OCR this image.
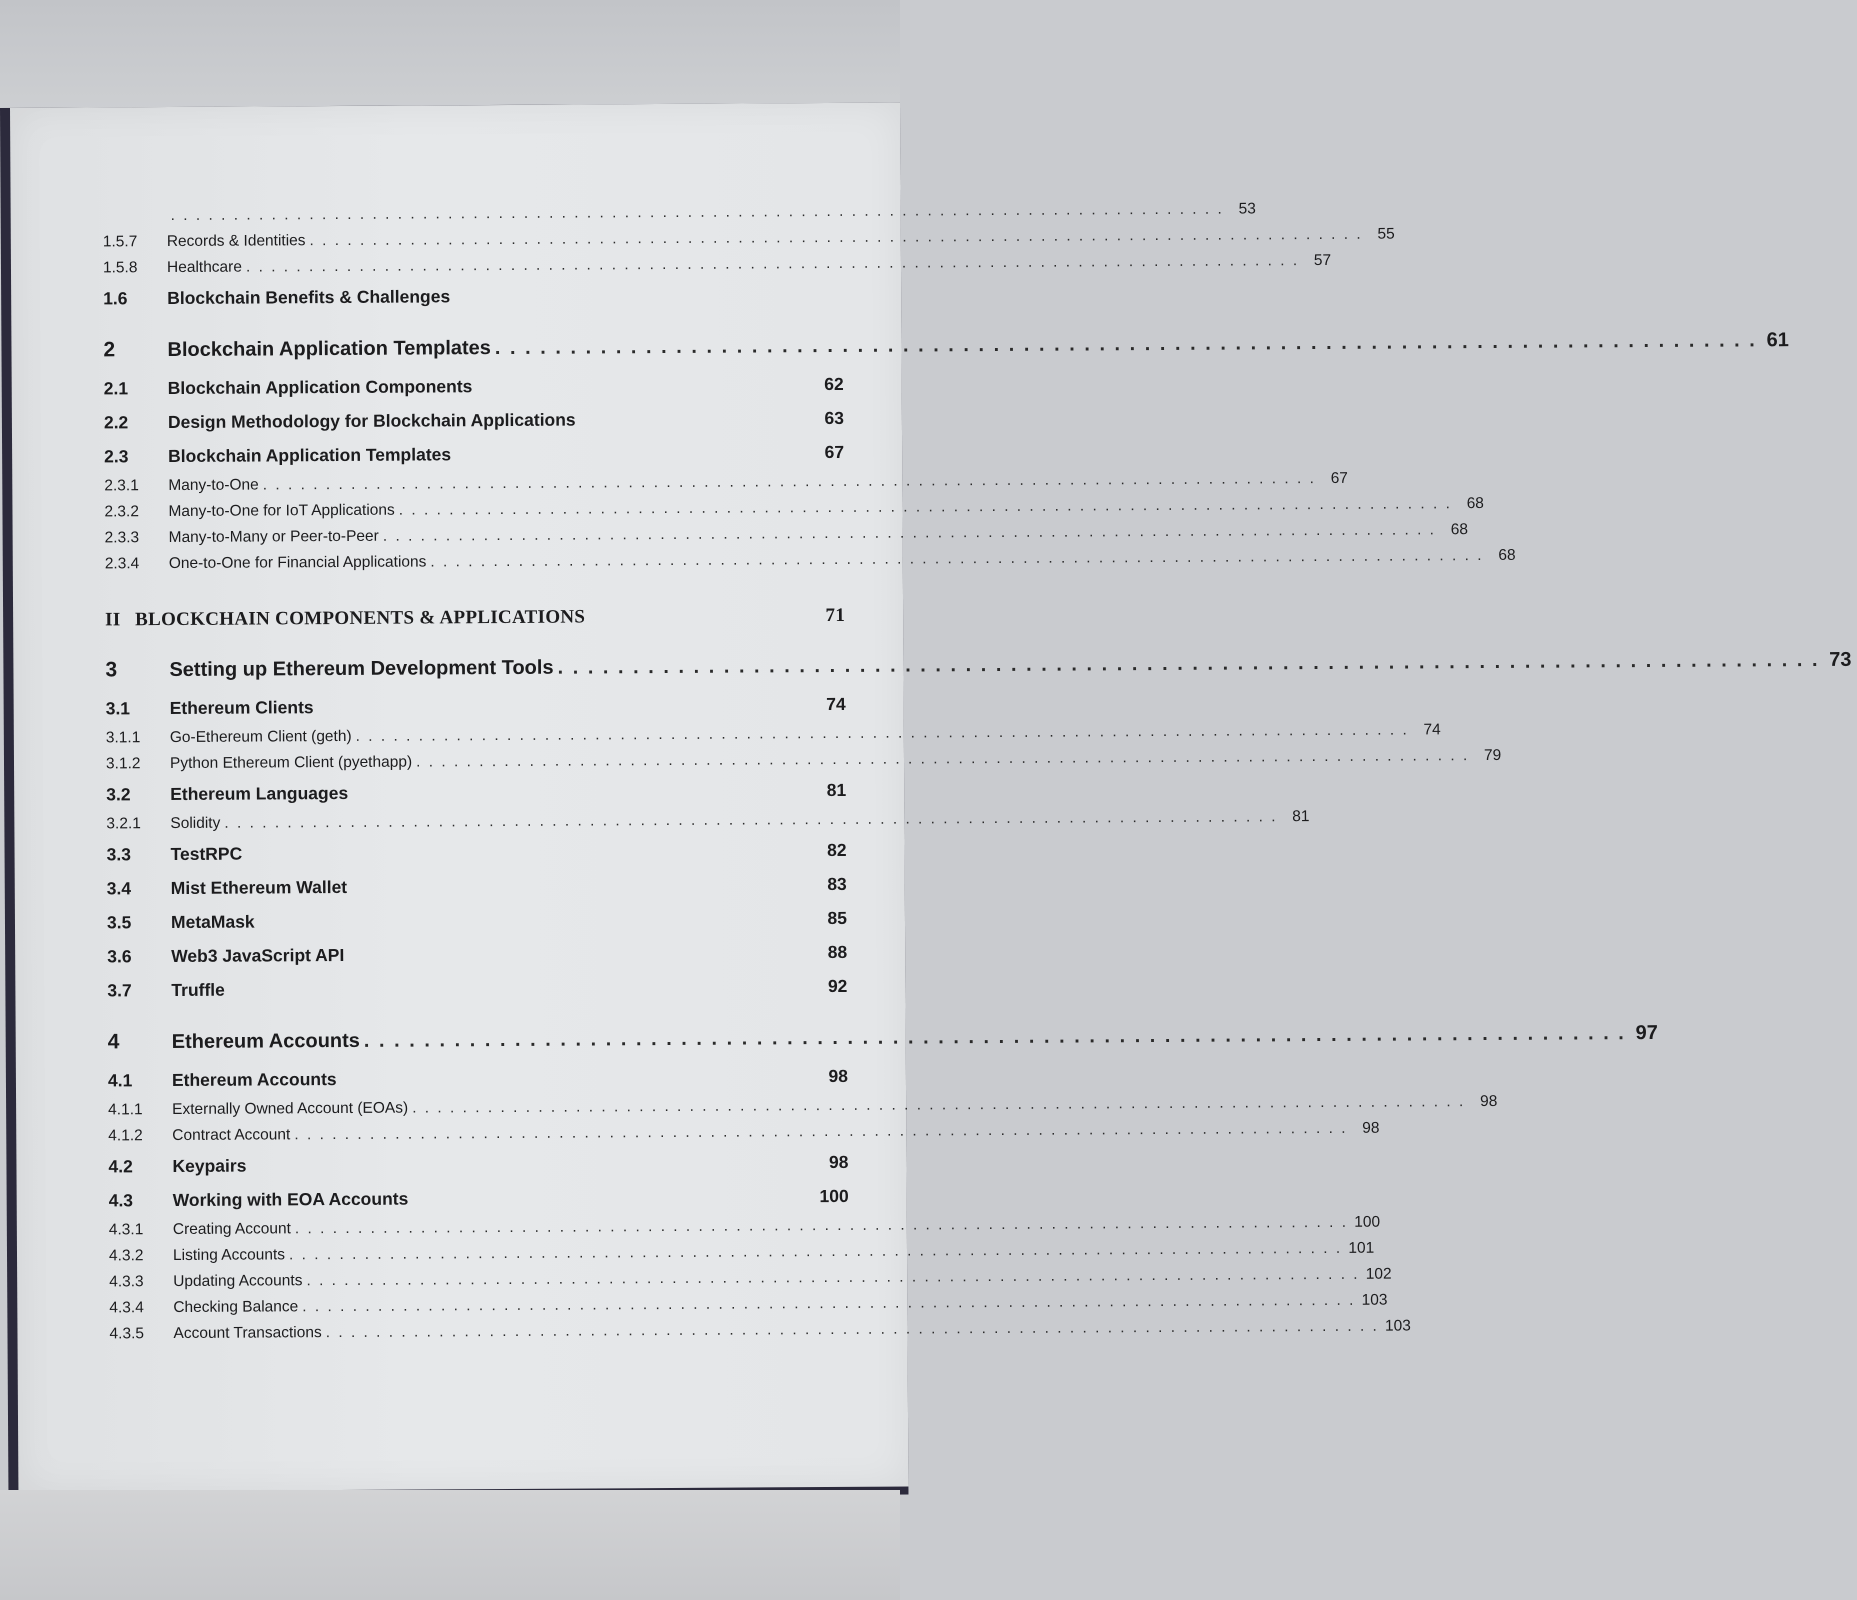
. . . . . . . . . . . . . . . . . . . . . . . . . . . . . . . . . . . . . . . . . . . . . . . . . . . . . . . . . . . . . . . . . . . . . . . . . . . . . . . . . . . . 53
1.5.7	Records & Identities . . . . . . . . . . . . . . . . . . . . . . . . . . . . . . . . . . . . . . . . . . . . . . . . . . . . . . . . . . . . . . . . . . . . . . . . . . . . . . . . . . . . 55
1.5.8	Healthcare . . . . . . . . . . . . . . . . . . . . . . . . . . . . . . . . . . . . . . . . . . . . . . . . . . . . . . . . . . . . . . . . . . . . . . . . . . . . . . . . . . . . 57
1.6	Blockchain Benefits & Challenges
2	Blockchain Application Templates . . . . . . . . . . . . . . . . . . . . . . . . . . . . . . . . . . . . . . . . . . . . . . . . . . . . . . . . . . . . . . . . . . . . . . . . . . . . . . . . . . . . 61
2.1	Blockchain Application Components	62
2.2	Design Methodology for Blockchain Applications	63
2.3	Blockchain Application Templates	67
2.3.1	Many-to-One . . . . . . . . . . . . . . . . . . . . . . . . . . . . . . . . . . . . . . . . . . . . . . . . . . . . . . . . . . . . . . . . . . . . . . . . . . . . . . . . . . . . 67
2.3.2	Many-to-One for IoT Applications . . . . . . . . . . . . . . . . . . . . . . . . . . . . . . . . . . . . . . . . . . . . . . . . . . . . . . . . . . . . . . . . . . . . . . . . . . . . . . . . . . . . 68
2.3.3	Many-to-Many or Peer-to-Peer . . . . . . . . . . . . . . . . . . . . . . . . . . . . . . . . . . . . . . . . . . . . . . . . . . . . . . . . . . . . . . . . . . . . . . . . . . . . . . . . . . . . 68
2.3.4	One-to-One for Financial Applications . . . . . . . . . . . . . . . . . . . . . . . . . . . . . . . . . . . . . . . . . . . . . . . . . . . . . . . . . . . . . . . . . . . . . . . . . . . . . . . . . . . . 68
II BLOCKCHAIN COMPONENTS & APPLICATIONS	71
3	Setting up Ethereum Development Tools . . . . . . . . . . . . . . . . . . . . . . . . . . . . . . . . . . . . . . . . . . . . . . . . . . . . . . . . . . . . . . . . . . . . . . . . . . . . . . . . . . . . 73
3.1	Ethereum Clients	74
3.1.1	Go-Ethereum Client (geth) . . . . . . . . . . . . . . . . . . . . . . . . . . . . . . . . . . . . . . . . . . . . . . . . . . . . . . . . . . . . . . . . . . . . . . . . . . . . . . . . . . . . 74
3.1.2	Python Ethereum Client (pyethapp) . . . . . . . . . . . . . . . . . . . . . . . . . . . . . . . . . . . . . . . . . . . . . . . . . . . . . . . . . . . . . . . . . . . . . . . . . . . . . . . . . . . . 79
3.2	Ethereum Languages	81
3.2.1	Solidity . . . . . . . . . . . . . . . . . . . . . . . . . . . . . . . . . . . . . . . . . . . . . . . . . . . . . . . . . . . . . . . . . . . . . . . . . . . . . . . . . . . . 81
3.3	TestRPC	82
3.4	Mist Ethereum Wallet	83
3.5	MetaMask	85
3.6	Web3 JavaScript API	88
3.7	Truffle	92
4	Ethereum Accounts . . . . . . . . . . . . . . . . . . . . . . . . . . . . . . . . . . . . . . . . . . . . . . . . . . . . . . . . . . . . . . . . . . . . . . . . . . . . . . . . . . . . 97
4.1	Ethereum Accounts	98
4.1.1	Externally Owned Account (EOAs) . . . . . . . . . . . . . . . . . . . . . . . . . . . . . . . . . . . . . . . . . . . . . . . . . . . . . . . . . . . . . . . . . . . . . . . . . . . . . . . . . . . . 98
4.1.2	Contract Account . . . . . . . . . . . . . . . . . . . . . . . . . . . . . . . . . . . . . . . . . . . . . . . . . . . . . . . . . . . . . . . . . . . . . . . . . . . . . . . . . . . . 98
4.2	Keypairs	98
4.3	Working with EOA Accounts	100
4.3.1	Creating Account . . . . . . . . . . . . . . . . . . . . . . . . . . . . . . . . . . . . . . . . . . . . . . . . . . . . . . . . . . . . . . . . . . . . . . . . . . . . . . . . . . . . 100
4.3.2	Listing Accounts . . . . . . . . . . . . . . . . . . . . . . . . . . . . . . . . . . . . . . . . . . . . . . . . . . . . . . . . . . . . . . . . . . . . . . . . . . . . . . . . . . . . 101
4.3.3	Updating Accounts . . . . . . . . . . . . . . . . . . . . . . . . . . . . . . . . . . . . . . . . . . . . . . . . . . . . . . . . . . . . . . . . . . . . . . . . . . . . . . . . . . . . 102
4.3.4	Checking Balance . . . . . . . . . . . . . . . . . . . . . . . . . . . . . . . . . . . . . . . . . . . . . . . . . . . . . . . . . . . . . . . . . . . . . . . . . . . . . . . . . . . . 103
4.3.5	Account Transactions . . . . . . . . . . . . . . . . . . . . . . . . . . . . . . . . . . . . . . . . . . . . . . . . . . . . . . . . . . . . . . . . . . . . . . . . . . . . . . . . . . . . 103
